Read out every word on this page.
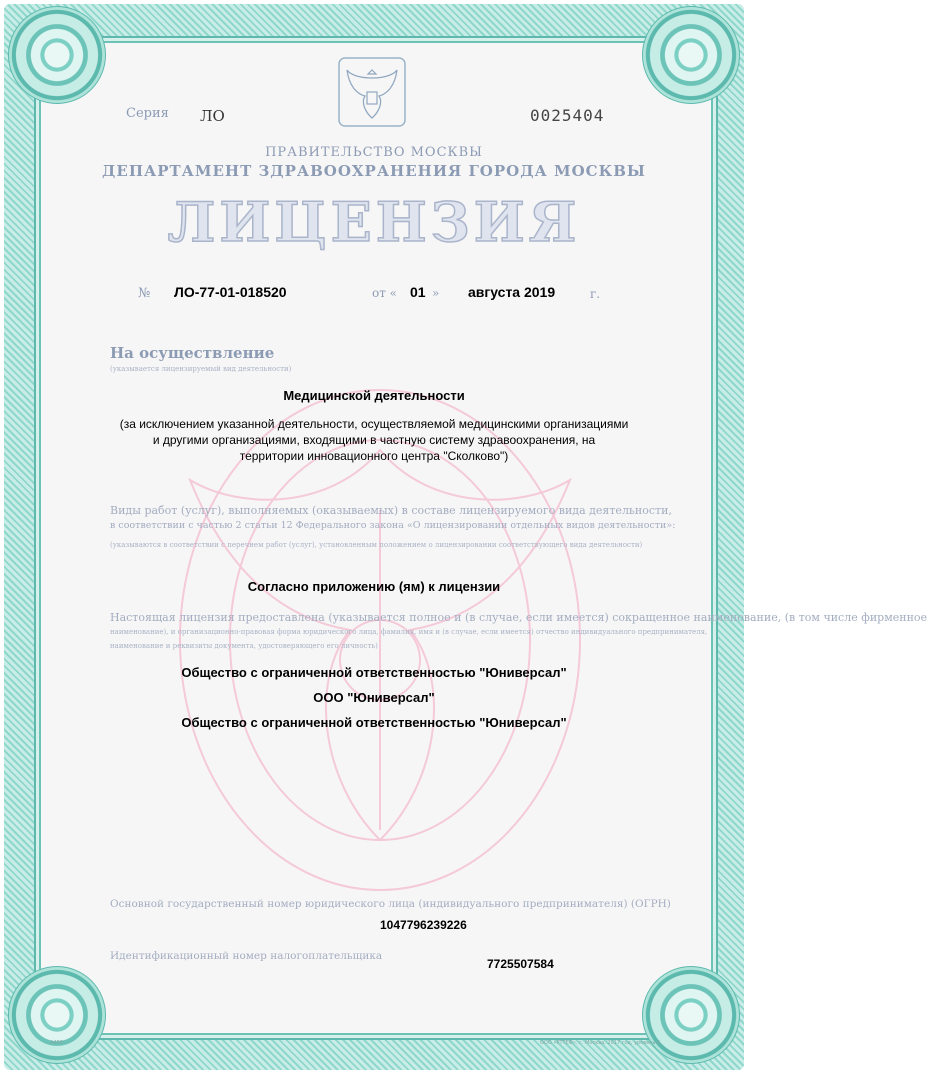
Серия ЛО	0025404
ПРАВИТЕЛЬСТВО МОСКВЫ
ДЕПАРТАМЕНТ ЗДРАВООХРАНЕНИЯ ГОРОДА МОСКВЫ
ЛИЦЕНЗИЯ
№ ЛО-77-01-018520	от « 01 » августа 2019	г.
На осуществление
(указывается лицензируемый вид деятельности)
Медицинской деятельности
(за исключением указанной деятельности, осуществляемой медицинскими организациями
и другими организациями, входящими в частную систему здравоохранения, на
территории инновационного центра "Сколково")
Виды работ (услуг), выполняемых (оказываемых) в составе лицензируемого вида деятельности,
в соответствии с частью 2 статьи 12 Федерального закона «О лицензировании отдельных видов деятельности»:
(указываются в соответствии с перечнем работ (услуг), установленным положением о лицензировании соответствующего вида деятельности)
Согласно приложению (ям) к лицензии
Настоящая лицензия предоставлена (указывается полное и (в случае, если имеется) сокращенное наименование, (в том числе фирменное
наименование), и организационно-правовая форма юридического лица, фамилия, имя и (в случае, если имеется) отчество индивидуального предпринимателя,
наименование и реквизиты документа, удостоверяющего его личность)
Общество с ограниченной ответственностью "Юниверсал"
ООО "Юниверсал"
Общество с ограниченной ответственностью "Юниверсал"
Основной государственный номер юридического лица (индивидуального предпринимателя) (ОГРН)
1047796239226
Идентификационный номер налогоплательщика
7725507584
А4Е6	ООО «РТТЕФ», г. Москва, 2017 год, уровень Б
